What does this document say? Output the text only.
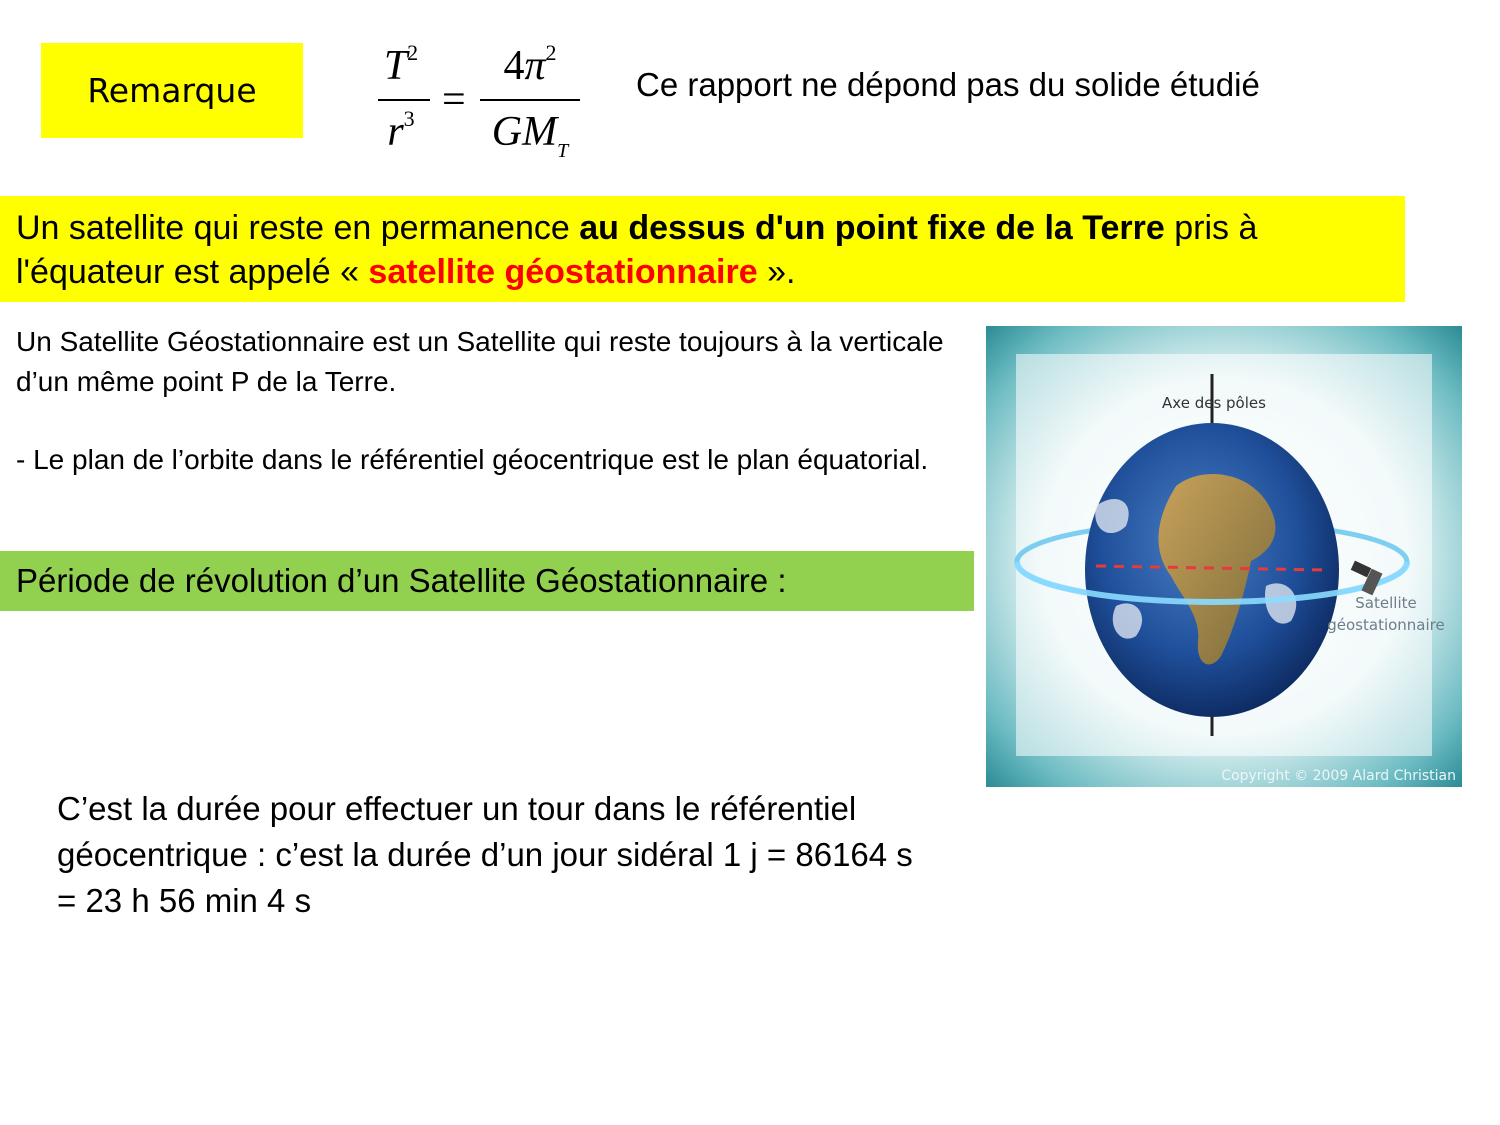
Remarque
$T^2$
$r^3$ =
$4\pi^2$
$GM_T$
Ce rapport ne dépond pas du solide étudié
Un satellite qui reste en permanence au dessus d'un point fixe de la Terre pris à l'équateur est appelé « satellite géostationnaire ».
Un Satellite Géostationnaire est un Satellite qui reste toujours à la verticale d’un même point P de la Terre.
- Le plan de l’orbite dans le référentiel géocentrique est le plan équatorial.
Période de révolution d’un Satellite Géostationnaire :
C’est la durée pour effectuer un tour dans le référentiel géocentrique : c’est la durée d’un jour sidéral 1 j = 86164 s = 23 h 56 min 4 s
Axe des pôles
Satellite
géostationnaire
Copyright © 2009 Alard Christian
